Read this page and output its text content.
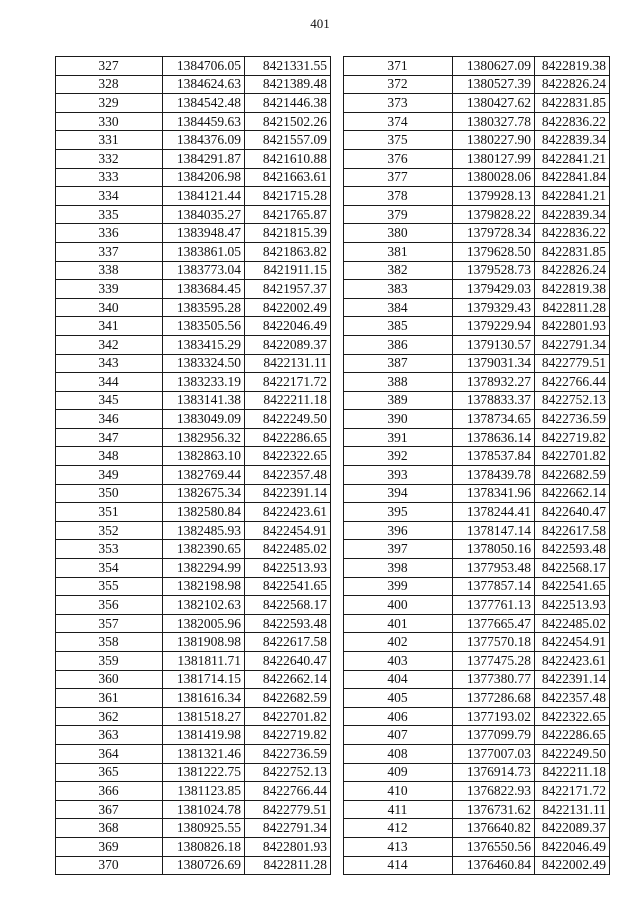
401
327	1384706.05	8421331.55
328	1384624.63	8421389.48
329	1384542.48	8421446.38
330	1384459.63	8421502.26
331	1384376.09	8421557.09
332	1384291.87	8421610.88
333	1384206.98	8421663.61
334	1384121.44	8421715.28
335	1384035.27	8421765.87
336	1383948.47	8421815.39
337	1383861.05	8421863.82
338	1383773.04	8421911.15
339	1383684.45	8421957.37
340	1383595.28	8422002.49
341	1383505.56	8422046.49
342	1383415.29	8422089.37
343	1383324.50	8422131.11
344	1383233.19	8422171.72
345	1383141.38	8422211.18
346	1383049.09	8422249.50
347	1382956.32	8422286.65
348	1382863.10	8422322.65
349	1382769.44	8422357.48
350	1382675.34	8422391.14
351	1382580.84	8422423.61
352	1382485.93	8422454.91
353	1382390.65	8422485.02
354	1382294.99	8422513.93
355	1382198.98	8422541.65
356	1382102.63	8422568.17
357	1382005.96	8422593.48
358	1381908.98	8422617.58
359	1381811.71	8422640.47
360	1381714.15	8422662.14
361	1381616.34	8422682.59
362	1381518.27	8422701.82
363	1381419.98	8422719.82
364	1381321.46	8422736.59
365	1381222.75	8422752.13
366	1381123.85	8422766.44
367	1381024.78	8422779.51
368	1380925.55	8422791.34
369	1380826.18	8422801.93
370	1380726.69	8422811.28
371	1380627.09	8422819.38
372	1380527.39	8422826.24
373	1380427.62	8422831.85
374	1380327.78	8422836.22
375	1380227.90	8422839.34
376	1380127.99	8422841.21
377	1380028.06	8422841.84
378	1379928.13	8422841.21
379	1379828.22	8422839.34
380	1379728.34	8422836.22
381	1379628.50	8422831.85
382	1379528.73	8422826.24
383	1379429.03	8422819.38
384	1379329.43	8422811.28
385	1379229.94	8422801.93
386	1379130.57	8422791.34
387	1379031.34	8422779.51
388	1378932.27	8422766.44
389	1378833.37	8422752.13
390	1378734.65	8422736.59
391	1378636.14	8422719.82
392	1378537.84	8422701.82
393	1378439.78	8422682.59
394	1378341.96	8422662.14
395	1378244.41	8422640.47
396	1378147.14	8422617.58
397	1378050.16	8422593.48
398	1377953.48	8422568.17
399	1377857.14	8422541.65
400	1377761.13	8422513.93
401	1377665.47	8422485.02
402	1377570.18	8422454.91
403	1377475.28	8422423.61
404	1377380.77	8422391.14
405	1377286.68	8422357.48
406	1377193.02	8422322.65
407	1377099.79	8422286.65
408	1377007.03	8422249.50
409	1376914.73	8422211.18
410	1376822.93	8422171.72
411	1376731.62	8422131.11
412	1376640.82	8422089.37
413	1376550.56	8422046.49
414	1376460.84	8422002.49
